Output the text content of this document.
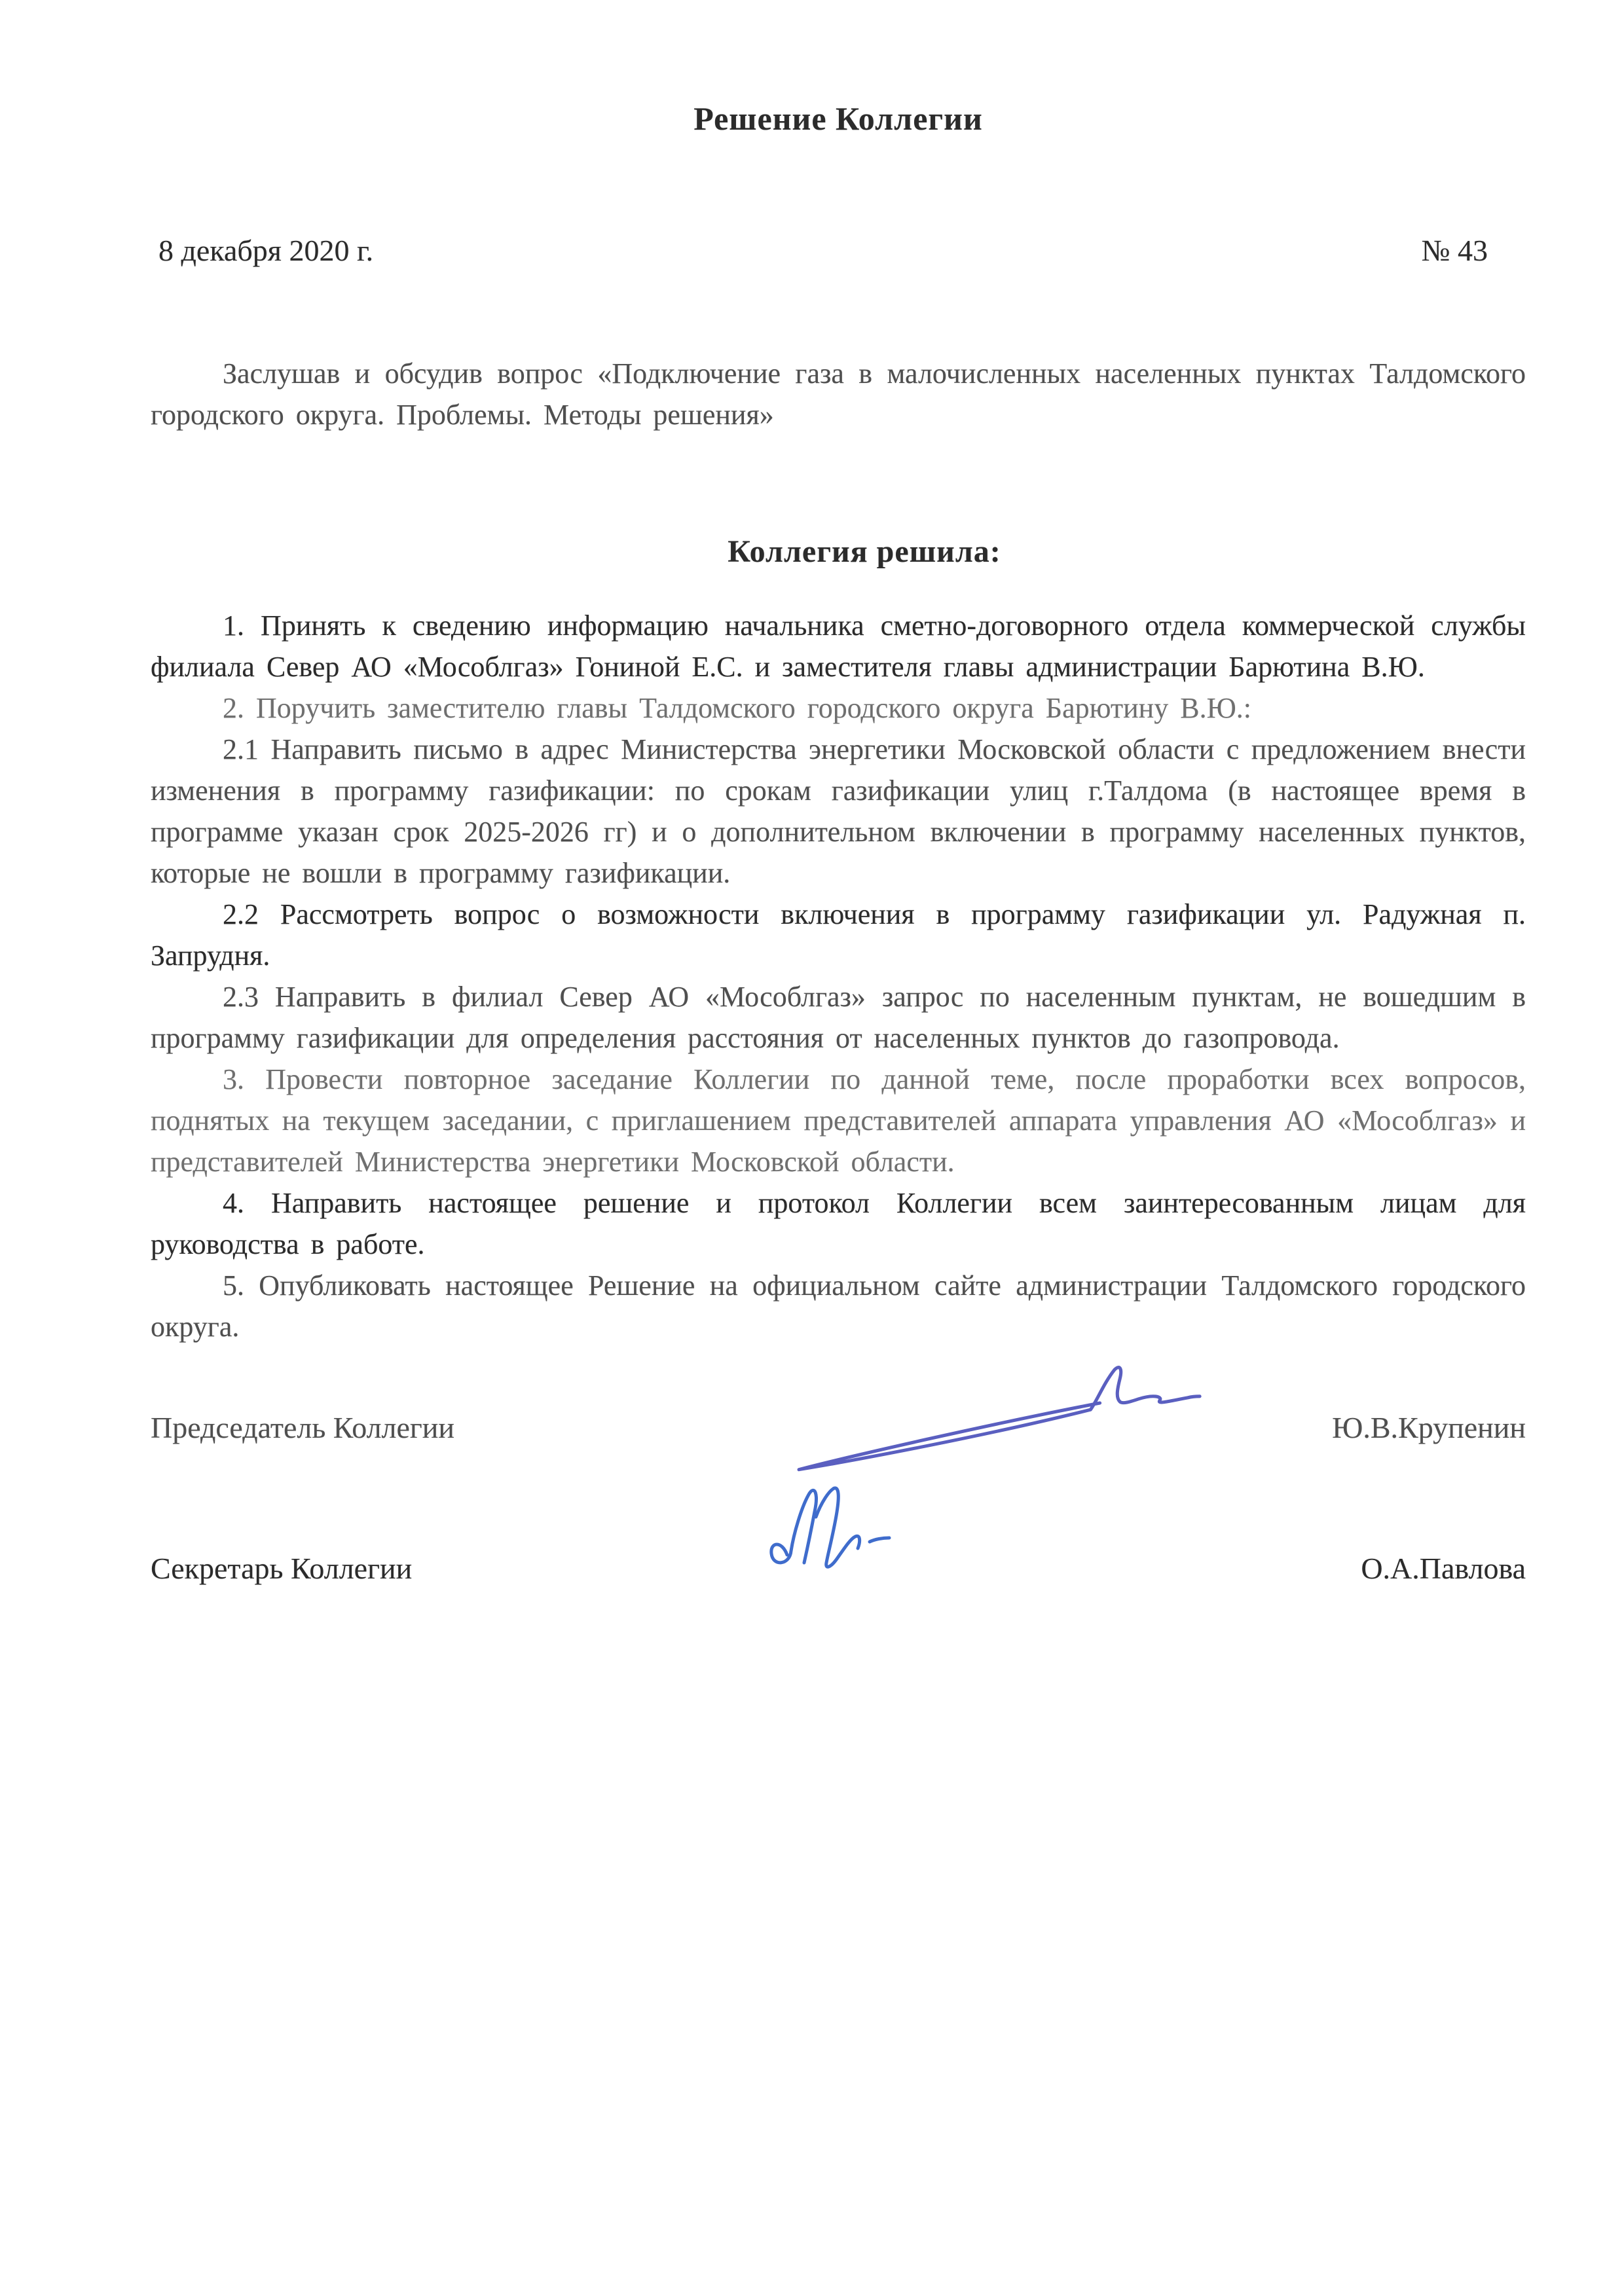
Решение Коллегии
8 декабря 2020 г.	№ 43

Заслушав и обсудив вопрос «Подключение газа в малочисленных населенных пунктах Талдомского городского округа. Проблемы. Методы решения»

Коллегия решила:

1. Принять к сведению информацию начальника сметно-договорного отдела коммерческой службы филиала Север АО «Мособлгаз» Гониной Е.С. и заместителя главы администрации Барютина В.Ю.

2. Поручить заместителю главы Талдомского городского округа Барютину В.Ю.:

2.1 Направить письмо в адрес Министерства энергетики Московской области с предложением внести изменения в программу газификации: по срокам газификации улиц г.Талдома (в настоящее время в программе указан срок 2025-2026 гг) и о дополнительном включении в программу населенных пунктов, которые не вошли в программу газификации.

2.2 Рассмотреть вопрос о возможности включения в программу газификации ул. Радужная п. Запрудня.

2.3 Направить в филиал Север АО «Мособлгаз» запрос по населенным пунктам, не вошедшим в программу газификации для определения расстояния от населенных пунктов до газопровода.

3. Провести повторное заседание Коллегии по данной теме, после проработки всех вопросов, поднятых на текущем заседании, с приглашением представителей аппарата управления АО «Мособлгаз» и представителей Министерства энергетики Московской области.

4. Направить настоящее решение и протокол Коллегии всем заинтересованным лицам для руководства в работе.

5. Опубликовать настоящее Решение на официальном сайте администрации Талдомского городского округа.

Председатель Коллегии	Ю.В.Крупенин
Секретарь Коллегии	О.А.Павлова
